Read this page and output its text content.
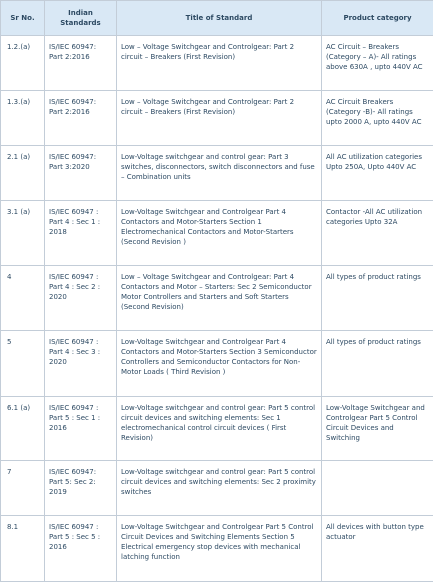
Sr No.	Indian Standards	Title of Standard	Product category
1.2.(a)	IS/IEC 60947: Part 2:2016	Low – Voltage Switchgear and Controlgear: Part 2 circuit – Breakers (First Revision)	AC Circuit – Breakers (Category – A)- All ratings above 630A , upto 440V AC
1.3.(a)	IS/IEC 60947: Part 2:2016	Low – Voltage Switchgear and Controlgear: Part 2 circuit – Breakers (First Revision)	AC Circuit Breakers (Category -B)- All ratings upto 2000 A, upto 440V AC
2.1 (a)	IS/IEC 60947: Part 3:2020	Low-Voltage switchgear and control gear: Part 3 switches, disconnectors, switch disconnectors and fuse – Combination units	All AC utilization categories Upto 250A, Upto 440V AC
3.1 (a)	IS/IEC 60947 : Part 4 : Sec 1 : 2018	Low-Voltage Switchgear and Controlgear Part 4 Contactors and Motor-Starters Section 1 Electromechanical Contactors and Motor-Starters (Second Revision )	Contactor -All AC utilization categories Upto 32A
4	IS/IEC 60947 : Part 4 : Sec 2 : 2020	Low – Voltage Switchgear and Controlgear: Part 4 Contactors and Motor – Starters: Sec 2 Semiconductor Motor Controllers and Starters and Soft Starters (Second Revision)	All types of product ratings
5	IS/IEC 60947 : Part 4 : Sec 3 : 2020	Low-Voltage Switchgear and Controlgear Part 4 Contactors and Motor-Starters Section 3 Semiconductor Controllers and Semiconductor Contactors for Non-Motor Loads ( Third Revision )	All types of product ratings
6.1 (a)	IS/IEC 60947 : Part 5 : Sec 1 : 2016	Low-Voltage switchgear and control gear: Part 5 control circuit devices and switching elements: Sec 1 electromechanical control circuit devices ( First Revision)	Low-Voltage Switchgear and Controlgear Part 5 Control Circuit Devices and Switching
7	IS/IEC 60947: Part 5: Sec 2: 2019	Low-Voltage switchgear and control gear: Part 5 control circuit devices and switching elements: Sec 2 proximity switches	
8.1	IS/IEC 60947 : Part 5 : Sec 5 : 2016	Low-Voltage Switchgear and Controlgear Part 5 Control Circuit Devices and Switching Elements Section 5 Electrical emergency stop devices with mechanical latching function	All devices with button type actuator
